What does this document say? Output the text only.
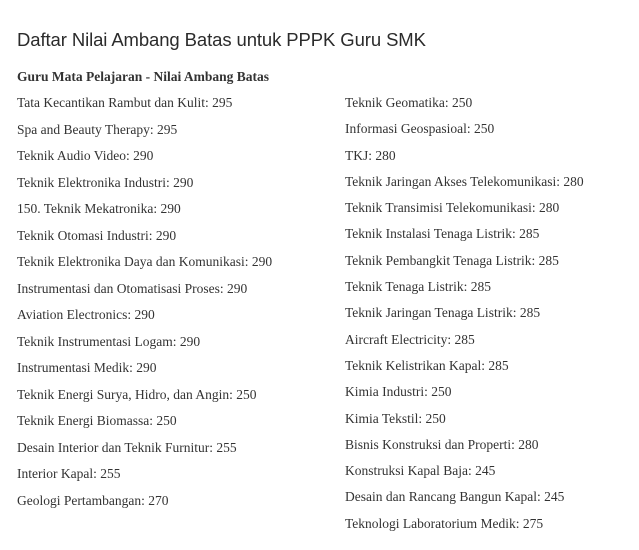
Daftar Nilai Ambang Batas untuk PPPK Guru SMK
Guru Mata Pelajaran - Nilai Ambang Batas
Tata Kecantikan Rambut dan Kulit: 295
Spa and Beauty Therapy: 295
Teknik Audio Video: 290
Teknik Elektronika Industri: 290
150. Teknik Mekatronika: 290
Teknik Otomasi Industri: 290
Teknik Elektronika Daya dan Komunikasi: 290
Instrumentasi dan Otomatisasi Proses: 290
Aviation Electronics: 290
Teknik Instrumentasi Logam: 290
Instrumentasi Medik: 290
Teknik Energi Surya, Hidro, dan Angin: 250
Teknik Energi Biomassa: 250
Desain Interior dan Teknik Furnitur: 255
Interior Kapal: 255
Geologi Pertambangan: 270
Teknik Geomatika: 250
Informasi Geospasioal: 250
TKJ: 280
Teknik Jaringan Akses Telekomunikasi: 280
Teknik Transimisi Telekomunikasi: 280
Teknik Instalasi Tenaga Listrik: 285
Teknik Pembangkit Tenaga Listrik: 285
Teknik Tenaga Listrik: 285
Teknik Jaringan Tenaga Listrik: 285
Aircraft Electricity: 285
Teknik Kelistrikan Kapal: 285
Kimia Industri: 250
Kimia Tekstil: 250
Bisnis Konstruksi dan Properti: 280
Konstruksi Kapal Baja: 245
Desain dan Rancang Bangun Kapal: 245
Teknologi Laboratorium Medik: 275
